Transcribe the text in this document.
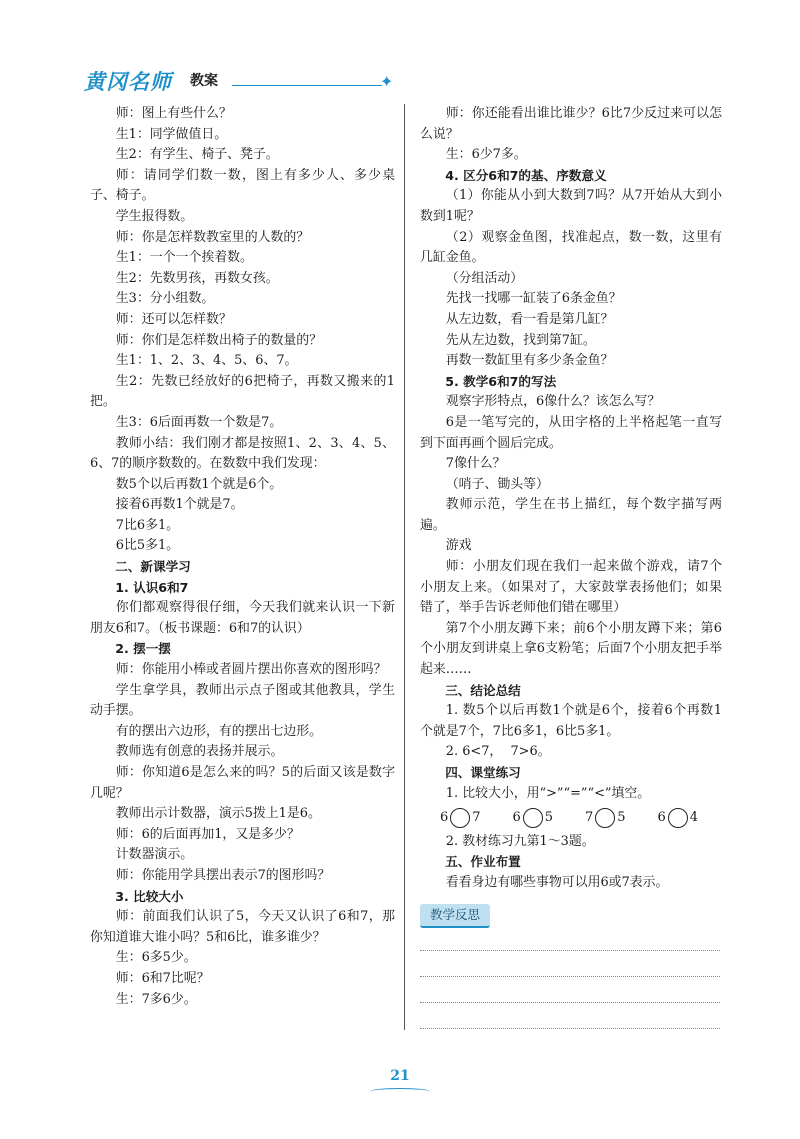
黄冈名师 教案	✦

师：图上有些什么？

生1：同学做值日。

生2：有学生、椅子、凳子。

师：请同学们数一数，图上有多少人、多少桌子、椅子。

学生报得数。

师：你是怎样数教室里的人数的？

生1：一个一个挨着数。

生2：先数男孩，再数女孩。

生3：分小组数。

师：还可以怎样数？

师：你们是怎样数出椅子的数量的？

生1：1、2、3、4、5、6、7。

生2：先数已经放好的6把椅子，再数又搬来的1把。

生3：6后面再数一个数是7。

教师小结：我们刚才都是按照1、2、3、4、5、6、7的顺序数数的。在数数中我们发现：

数5个以后再数1个就是6个。

接着6再数1个就是7。

7比6多1。

6比5多1。

二、新课学习

1. 认识6和7

你们都观察得很仔细，今天我们就来认识一下新朋友6和7。（板书课题：6和7的认识）

2. 摆一摆

师：你能用小棒或者圆片摆出你喜欢的图形吗？

学生拿学具，教师出示点子图或其他教具，学生动手摆。

有的摆出六边形，有的摆出七边形。

教师选有创意的表扬并展示。

师：你知道6是怎么来的吗？5的后面又该是数字几呢？

教师出示计数器，演示5拨上1是6。

师：6的后面再加1，又是多少？

计数器演示。

师：你能用学具摆出表示7的图形吗？

3. 比较大小

师：前面我们认识了5，今天又认识了6和7，那你知道谁大谁小吗？5和6比，谁多谁少？

生：6多5少。

师：6和7比呢？

生：7多6少。

师：你还能看出谁比谁少？6比7少反过来可以怎么说？

生：6少7多。

4. 区分6和7的基、序数意义

（1）你能从小到大数到7吗？从7开始从大到小数到1呢？

（2）观察金鱼图，找准起点，数一数，这里有几缸金鱼。

（分组活动）

先找一找哪一缸装了6条金鱼？

从左边数，看一看是第几缸？

先从左边数，找到第7缸。

再数一数缸里有多少条金鱼？

5. 教学6和7的写法

观察字形特点，6像什么？该怎么写？

6是一笔写完的，从田字格的上半格起笔一直写到下面再画个圆后完成。

7像什么？

（哨子、锄头等）

教师示范，学生在书上描红，每个数字描写两遍。

游戏

师：小朋友们现在我们一起来做个游戏，请7个小朋友上来。（如果对了，大家鼓掌表扬他们；如果错了，举手告诉老师他们错在哪里）

第7个小朋友蹲下来；前6个小朋友蹲下来；第6个小朋友到讲桌上拿6支粉笔；后面7个小朋友把手举起来……

三、结论总结

1. 数5个以后再数1个就是6个，接着6个再数1个就是7个，7比6多1，6比5多1。

2. 6<7，  7>6。

四、课堂练习

1. 比较大小，用“>”“=”“<”填空。

6 7 6 5 7 5 6 4

2. 教材练习九第1～3题。

五、作业布置

看看身边有哪些事物可以用6或7表示。

教学反思
21
